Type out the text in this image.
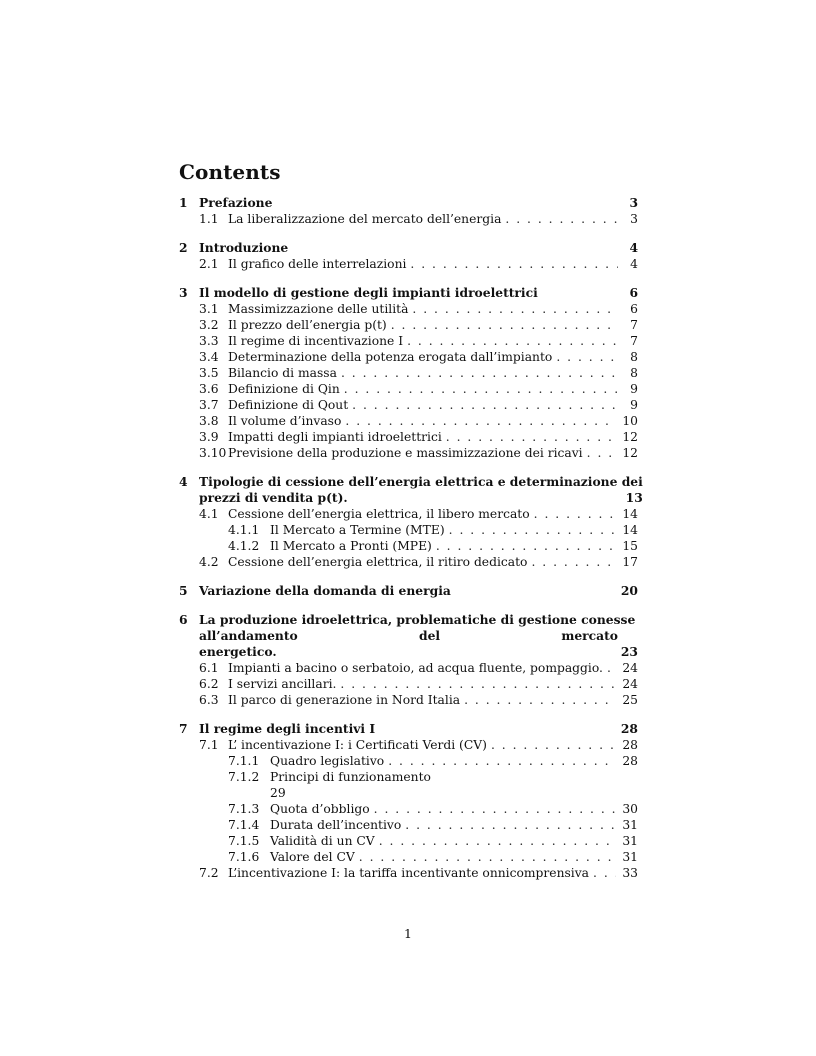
Contents
1 Prefazione	3
1.1 La liberalizzazione del mercato dell’energia . . .	3
2 Introduzione	4
2.1 Il grafico delle interrelazioni . . .	4
3 Il modello di gestione degli impianti idroelettrici	6
3.1 Massimizzazione delle utilità . . .	6
3.2 Il prezzo dell’energia p(t) . . .	7
3.3 Il regime di incentivazione I . . .	7
3.4 Determinazione della potenza erogata dall’impianto . . .	8
3.5 Bilancio di massa . . .	8
3.6 Definizione di Qin . . .	9
3.7 Definizione di Qout . . .	9
3.8 Il volume d’invaso . . .	10
3.9 Impatti degli impianti idroelettrici . . .	12
3.10 Previsione della produzione e massimizzazione dei ricavi . . .	12
4 Tipologie di cessione dell’energia elettrica e determinazione dei
prezzi di vendita p(t).	13
4.1 Cessione dell’energia elettrica, il libero mercato . . .	14
4.1.1 Il Mercato a Termine (MTE) . . .	14
4.1.2 Il Mercato a Pronti (MPE) . . .	15
4.2 Cessione dell’energia elettrica, il ritiro dedicato . . .	17
5 Variazione della domanda di energia	20
6 La produzione idroelettrica, problematiche di gestione conesse
all’andamento	del	mercato
energetico.	23
6.1 Impianti a bacino o serbatoio, ad acqua fluente, pompaggio. . . . 24
6.2 I servizi ancillari. . . .	24
6.3 Il parco di generazione in Nord Italia . . .	25
7 Il regime degli incentivi I	28
7.1 L’ incentivazione I: i Certificati Verdi (CV) . . .	28
7.1.1 Quadro legislativo . . .	28
7.1.2 Principi di funzionamento
29
7.1.3 Quota d’obbligo . . .	30
7.1.4 Durata dell’incentivo . . .	31
7.1.5 Validità di un CV . . .	31
7.1.6 Valore del CV . . .	31
7.2 L’incentivazione I: la tariffa incentivante onnicomprensiva . . .	33
1
